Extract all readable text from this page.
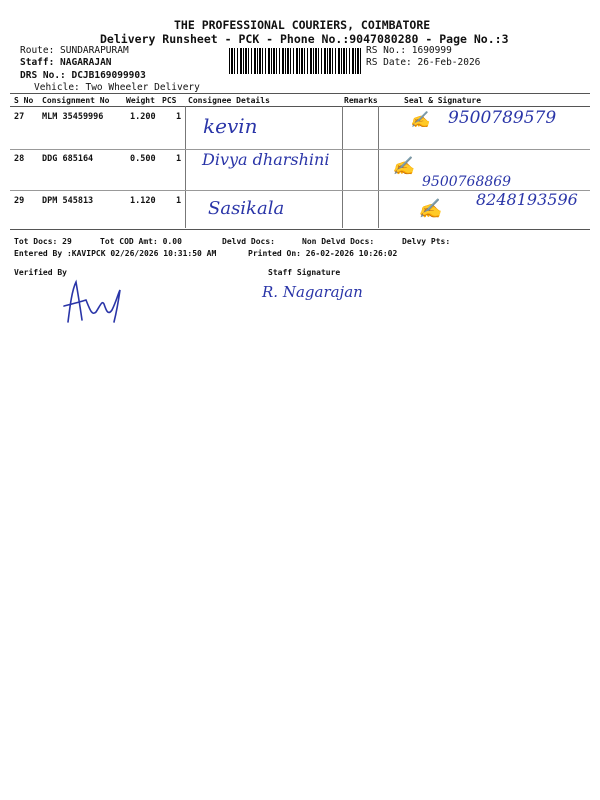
THE PROFESSIONAL COURIERS, COIMBATORE
Delivery Runsheet - PCK - Phone No.:9047080280 - Page No.:3
Route: SUNDARAPURAM
Staff: NAGARAJAN
DRS No.: DCJB169099903
Vehicle: Two Wheeler Delivery
RS No.: 1690999
RS Date: 26-Feb-2026
S No Consignment No Weight PCS Consignee Details	Remarks	Seal & Signature
27 MLM 35459996	1.200 1 kevin	✍ 9500789579
28 DDG 685164	0.500 1 Divya dharshini	✍
9500768869
29 DPM 545813	1.120 1 Sasikala	✍ 8248193596
Tot Docs: 29	Tot COD Amt: 0.00	Delvd Docs:	Non Delvd Docs:	Delvy Pts:
Entered By :KAVIPCK 02/26/2026 10:31:50 AM	Printed On: 26-02-2026 10:26:02
Verified By	Staff Signature
R. Nagarajan
